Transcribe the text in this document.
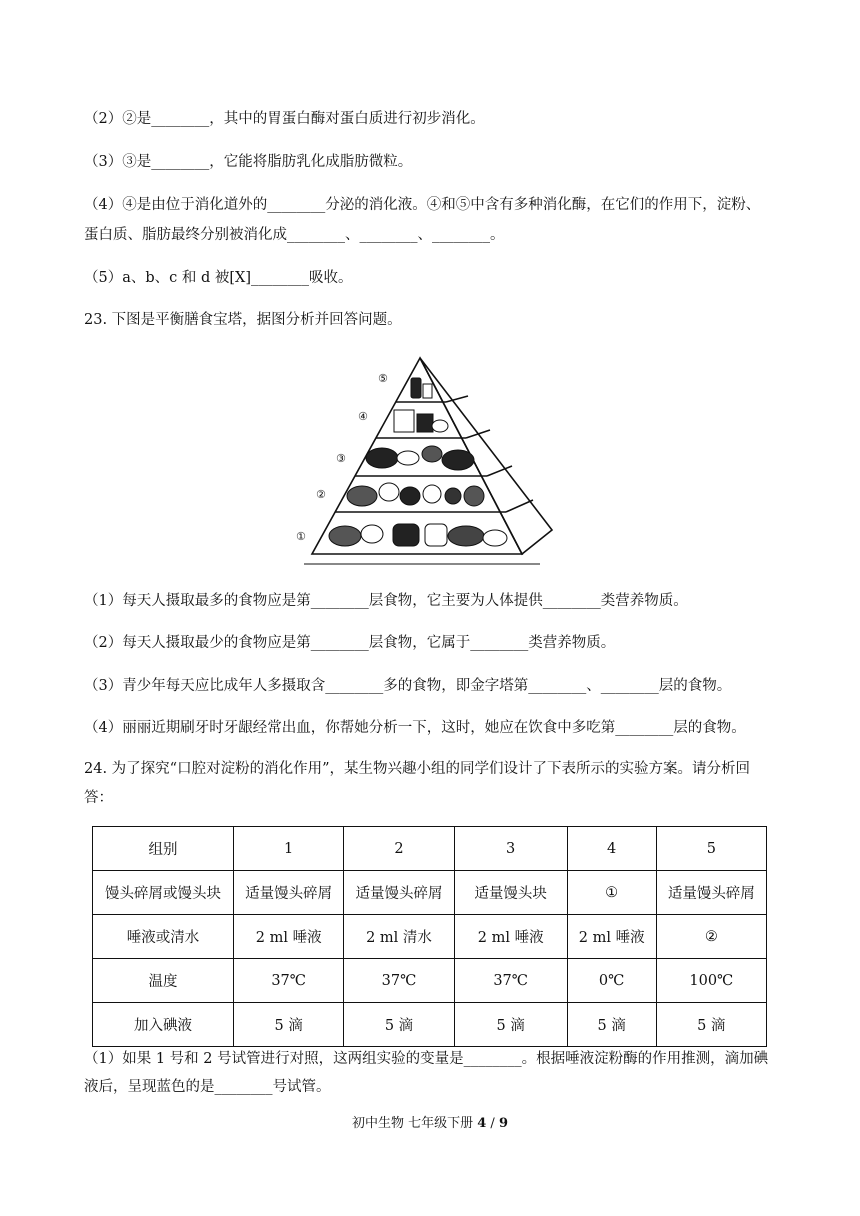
（2）②是________，其中的胃蛋白酶对蛋白质进行初步消化。
（3）③是________，它能将脂肪乳化成脂肪微粒。
（4）④是由位于消化道外的________分泌的消化液。④和⑤中含有多种消化酶，在它们的作用下，淀粉、
蛋白质、脂肪最终分别被消化成________、________、________。
（5）a、b、c 和 d 被[X]________吸收。
23. 下图是平衡膳食宝塔，据图分析并回答问题。
①
②
③
④
⑤
（1）每天人摄取最多的食物应是第________层食物，它主要为人体提供________类营养物质。
（2）每天人摄取最少的食物应是第________层食物，它属于________类营养物质。
（3）青少年每天应比成年人多摄取含________多的食物，即金字塔第________、________层的食物。
（4）丽丽近期刷牙时牙龈经常出血，你帮她分析一下，这时，她应在饮食中多吃第________层的食物。
24. 为了探究“口腔对淀粉的消化作用”，某生物兴趣小组的同学们设计了下表所示的实验方案。请分析回
答：
组别	1	2	3	4	5
馒头碎屑或馒头块	适量馒头碎屑	适量馒头碎屑	适量馒头块	①	适量馒头碎屑
唾液或清水	2 ml 唾液	2 ml 清水	2 ml 唾液	2 ml 唾液	②
温度	37℃	37℃	37℃	0℃	100℃
加入碘液	5 滴	5 滴	5 滴	5 滴	5 滴
（1）如果 1 号和 2 号试管进行对照，这两组实验的变量是________。根据唾液淀粉酶的作用推测，滴加碘
液后，呈现蓝色的是________号试管。
初中生物 七年级下册 4 / 9
